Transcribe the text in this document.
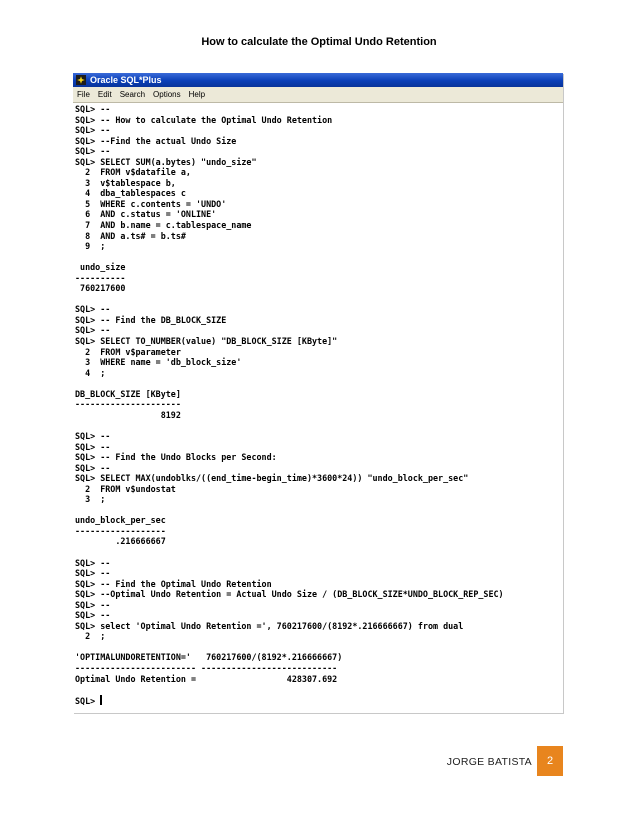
How to calculate the Optimal Undo Retention
Oracle SQL*Plus
File Edit Search Options Help
SQL> --
SQL> -- How to calculate the Optimal Undo Retention
SQL> --
SQL> --Find the actual Undo Size
SQL> --
SQL> SELECT SUM(a.bytes) "undo_size"
2  FROM v$datafile a,
3  v$tablespace b,
4  dba_tablespaces c
5  WHERE c.contents = 'UNDO'
6  AND c.status = 'ONLINE'
7  AND b.name = c.tablespace_name
8  AND a.ts# = b.ts#
9  ;
undo_size
----------
760217600
SQL> --
SQL> -- Find the DB_BLOCK_SIZE
SQL> --
SQL> SELECT TO_NUMBER(value) "DB_BLOCK_SIZE [KByte]"
2  FROM v$parameter
3  WHERE name = 'db_block_size'
4  ;
DB_BLOCK_SIZE [KByte]
---------------------
8192
SQL> --
SQL> --
SQL> -- Find the Undo Blocks per Second:
SQL> --
SQL> SELECT MAX(undoblks/((end_time-begin_time)*3600*24)) "undo_block_per_sec"
2  FROM v$undostat
3  ;
undo_block_per_sec
------------------
.216666667
SQL> --
SQL> --
SQL> -- Find the Optimal Undo Retention
SQL> --Optimal Undo Retention = Actual Undo Size / (DB_BLOCK_SIZE*UNDO_BLOCK_REP_SEC)
SQL> --
SQL> --
SQL> select 'Optimal Undo Retention =', 760217600/(8192*.216666667) from dual
2  ;
'OPTIMALUNDORETENTION='   760217600/(8192*.216666667)
------------------------ ---------------------------
Optimal Undo Retention =                  428307.692
SQL>
JORGE BATISTA	2
